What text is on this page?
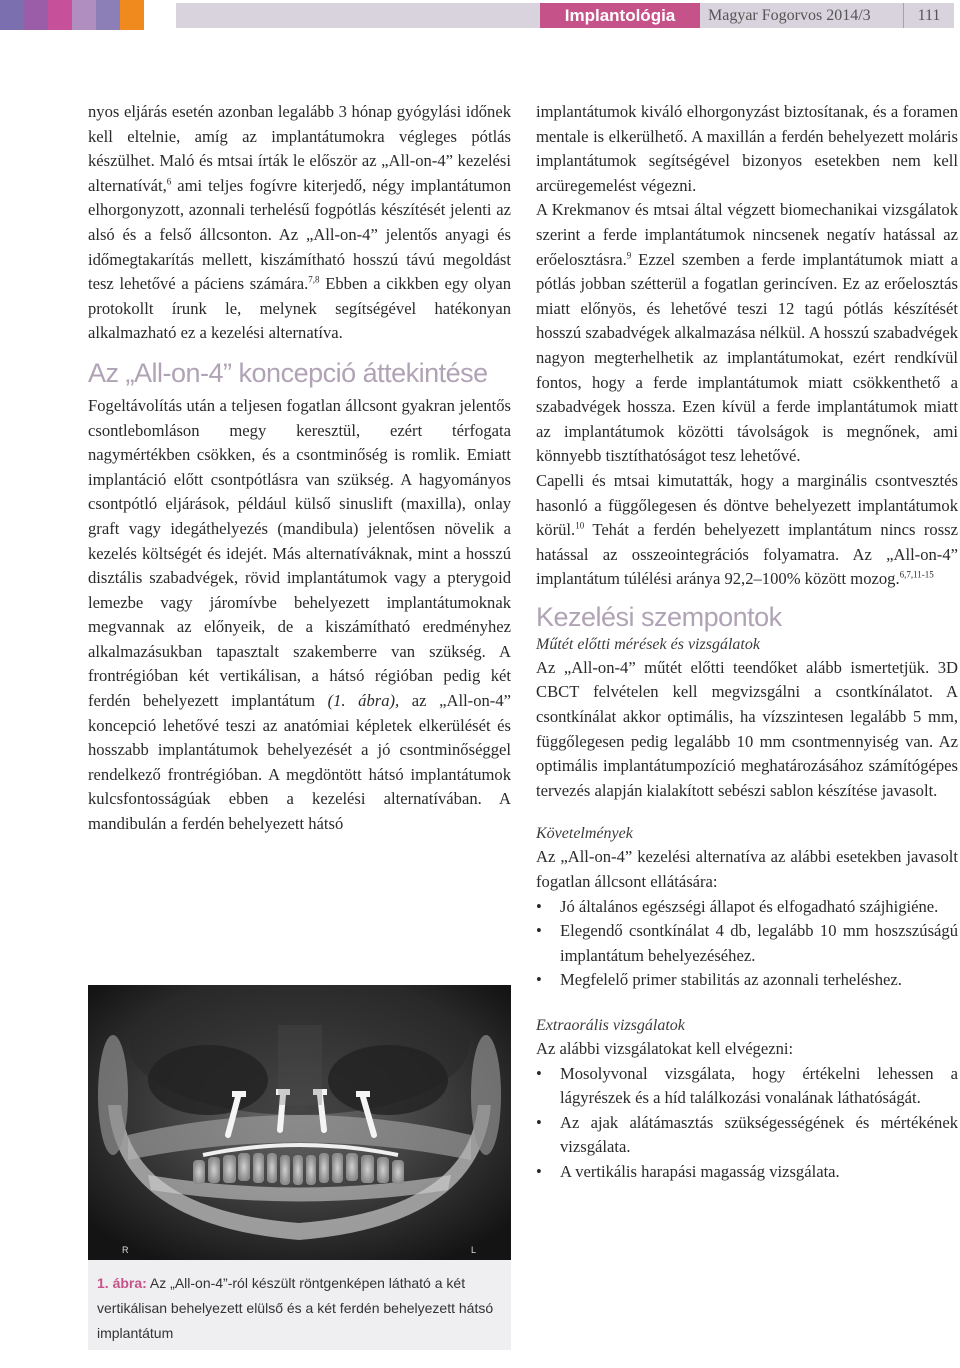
Implantológia	Magyar Fogorvos 2014/3	111

nyos eljárás esetén azonban legalább 3 hónap gyógylási időnek kell eltelnie, amíg az implantátumokra végleges pótlás készülhet. Maló és mtsai írták le először az „All-on-4” kezelési alternatívát,$^6$ ami teljes fogívre kiterjedő, négy implantátumon elhorgonyzott, azonnali terhelésű fogpótlás készítését jelenti az alsó és a felső állcsonton. Az „All-on-4” jelentős anyagi és időmegtakarítás mellett, kiszámítható hosszú távú megoldást tesz lehetővé a páciens számára.$^{7,8}$ Ebben a cikkben egy olyan protokollt írunk le, melynek segítségével hatékonyan alkalmazható ez a kezelési alternatíva.

Az „All-on-4” koncepció áttekintése

Fogeltávolítás után a teljesen fogatlan állcsont gyakran jelentős csontlebomláson megy keresztül, ezért térfogata nagymértékben csökken, és a csontminőség is romlik. Emiatt implantáció előtt csontpótlásra van szükség. A hagyományos csontpótló eljárások, például külső sinuslift (maxilla), onlay graft vagy idegáthelyezés (mandibula) jelentősen növelik a kezelés költségét és idejét. Más alternatíváknak, mint a hosszú disztális szabadvégek, rövid implantátumok vagy a pterygoid lemezbe vagy járomívbe behelyezett implantátumoknak megvannak az előnyeik, de a kiszámítható eredményhez alkalmazásukban tapasztalt szakemberre van szükség. A frontrégióban két vertikálisan, a hátsó régióban pedig két ferdén behelyezett implantátum (1. ábra), az „All-on-4” koncepció lehetővé teszi az anatómiai képletek elkerülését és hosszabb implantátumok behelyezését a jó csontminőséggel rendelkező frontrégióban. A megdöntött hátsó implantátumok kulcsfontosságúak ebben a kezelési alternatívában. A mandibulán a ferdén behelyezett hátsó

R	L
1. ábra: Az „All-on-4”-ról készült röntgenképen látható a két vertikálisan behelyezett elülső és a két ferdén behelyezett hátsó implantátum

implantátumok kiváló elhorgonyzást biztosítanak, és a foramen mentale is elkerülhető. A maxillán a ferdén behelyezett moláris implantátumok segítségével bizonyos esetekben nem kell arcüregemelést végezni.

A Krekmanov és mtsai által végzett biomechanikai vizsgálatok szerint a ferde implantátumok nincsenek negatív hatással az erőelosztásra.$^9$ Ezzel szemben a ferde implantátumok miatt a pótlás jobban szétterül a fogatlan gerincíven. Ez az erőelosztás miatt előnyös, és lehetővé teszi 12 tagú pótlás készítését hosszú szabadvégek alkalmazása nélkül. A hosszú szabadvégek nagyon megterhelhetik az implantátumokat, ezért rendkívül fontos, hogy a ferde implantátumok miatt csökkenthető a szabadvégek hossza. Ezen kívül a ferde implantátumok miatt az implantátumok közötti távolságok is megnőnek, ami könnyebb tisztíthatóságot tesz lehetővé.

Capelli és mtsai kimutatták, hogy a marginális csontvesztés hasonló a függőlegesen és döntve behelyezett implantátumok körül.$^{10}$ Tehát a ferdén behelyezett implantátum nincs rossz hatással az osszeointegrációs folyamatra. Az „All-on-4” implantátum túlélési aránya 92,2–100% között mozog.$^{6,7,11-15}$

Kezelési szempontok
Műtét előtti mérések és vizsgálatok

Az „All-on-4” műtét előtti teendőket alább ismertetjük. 3D CBCT felvételen kell megvizsgálni a csontkínálatot. A csontkínálat akkor optimális, ha vízszintesen legalább 5 mm, függőlegesen pedig legalább 10 mm csontmennyiség van. Az optimális implantátumpozíció meghatározásához számítógépes tervezés alapján kialakított sebészi sablon készítése javasolt.

Követelmények

Az „All-on-4” kezelési alternatíva az alábbi esetekben javasolt fogatlan állcsont ellátására:

• Jó általános egészségi állapot és elfogadható szájhigiéne.
• Elegendő csontkínálat 4 db, legalább 10 mm hoszszúságú implantátum behelyezéséhez.
• Megfelelő primer stabilitás az azonnali terheléshez.
Extraorális vizsgálatok

Az alábbi vizsgálatokat kell elvégezni:

• Mosolyvonal vizsgálata, hogy értékelni lehessen a lágyrészek és a híd találkozási vonalának láthatóságát.
• Az ajak alátámasztás szükségességének és mértékének vizsgálata.
• A vertikális harapási magasság vizsgálata.
